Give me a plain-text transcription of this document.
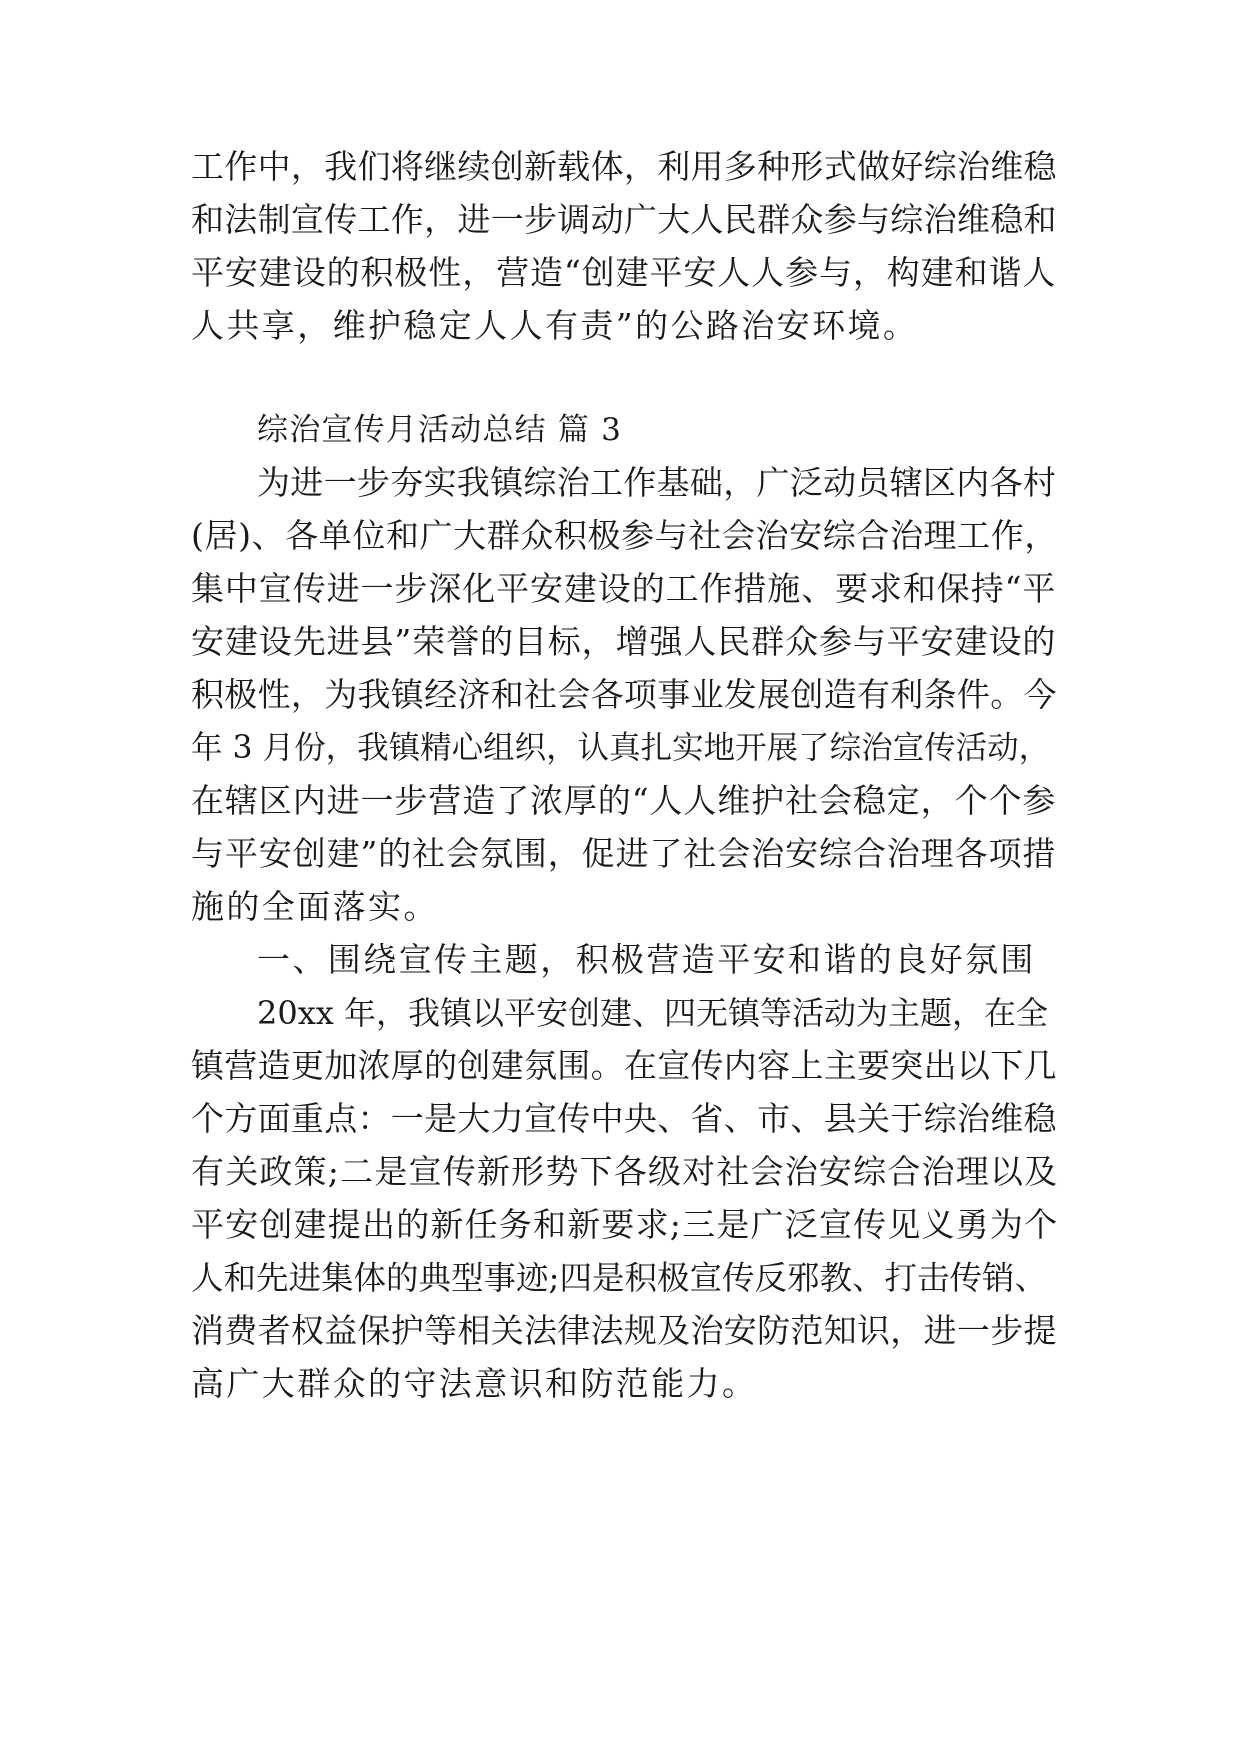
工作中，我们将继续创新载体，利用多种形式做好综治维稳
和法制宣传工作，进一步调动广大人民群众参与综治维稳和
平安建设的积极性，营造“创建平安人人参与，构建和谐人
人共享，维护稳定人人有责”的公路治安环境。
综治宣传月活动总结 篇 3
为进一步夯实我镇综治工作基础，广泛动员辖区内各村
(居)、各单位和广大群众积极参与社会治安综合治理工作，
集中宣传进一步深化平安建设的工作措施、要求和保持“平
安建设先进县”荣誉的目标，增强人民群众参与平安建设的
积极性，为我镇经济和社会各项事业发展创造有利条件。今
年 3 月份，我镇精心组织，认真扎实地开展了综治宣传活动，
在辖区内进一步营造了浓厚的“人人维护社会稳定，个个参
与平安创建”的社会氛围，促进了社会治安综合治理各项措
施的全面落实。
一、围绕宣传主题，积极营造平安和谐的良好氛围
20xx 年，我镇以平安创建、四无镇等活动为主题，在全
镇营造更加浓厚的创建氛围。在宣传内容上主要突出以下几
个方面重点：一是大力宣传中央、省、市、县关于综治维稳
有关政策;二是宣传新形势下各级对社会治安综合治理以及
平安创建提出的新任务和新要求;三是广泛宣传见义勇为个
人和先进集体的典型事迹;四是积极宣传反邪教、打击传销、
消费者权益保护等相关法律法规及治安防范知识，进一步提
高广大群众的守法意识和防范能力。
